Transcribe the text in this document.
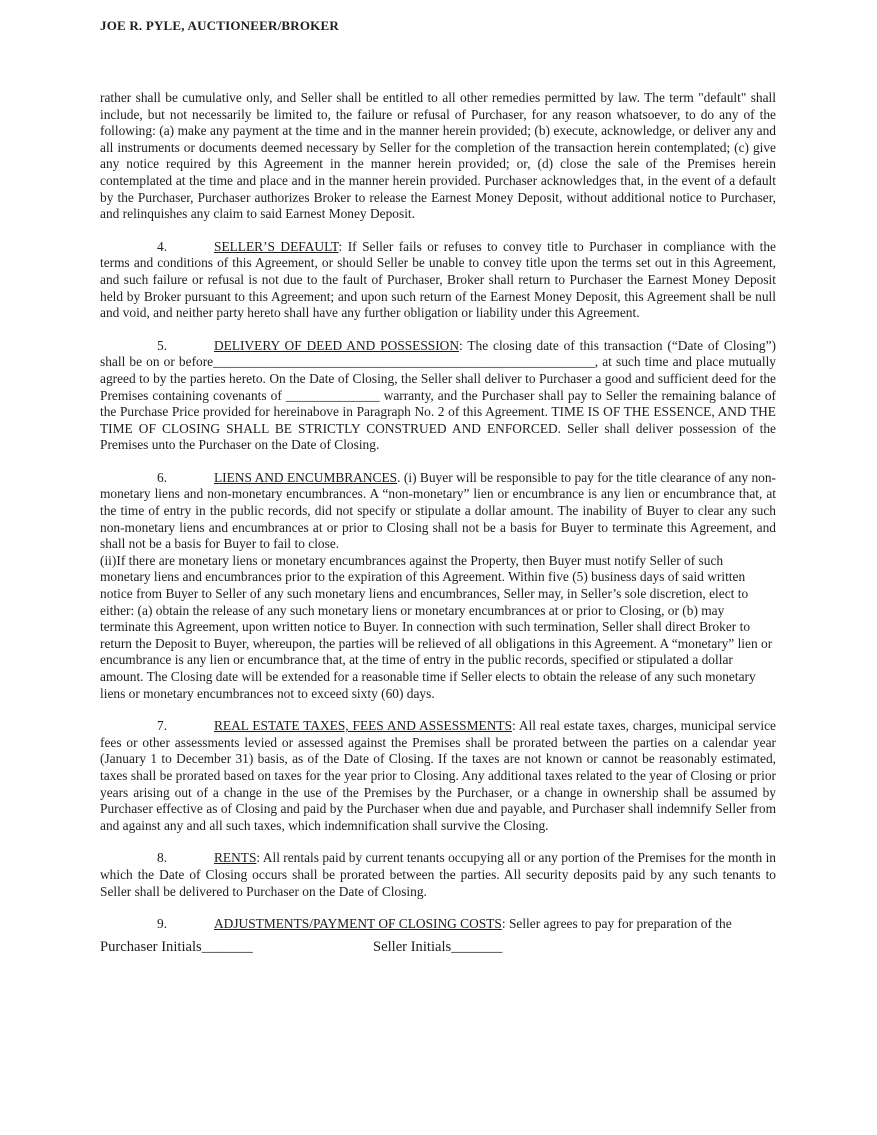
JOE R. PYLE, AUCTIONEER/BROKER

rather shall be cumulative only, and Seller shall be entitled to all other remedies permitted by law. The term "default" shall include, but not necessarily be limited to, the failure or refusal of Purchaser, for any reason whatsoever, to do any of the following: (a) make any payment at the time and in the manner herein provided; (b) execute, acknowledge, or deliver any and all instruments or documents deemed necessary by Seller for the completion of the transaction herein contemplated; (c) give any notice required by this Agreement in the manner herein provided; or, (d) close the sale of the Premises herein contemplated at the time and place and in the manner herein provided. Purchaser acknowledges that, in the event of a default by the Purchaser, Purchaser authorizes Broker to release the Earnest Money Deposit, without additional notice to Purchaser, and relinquishes any claim to said Earnest Money Deposit.

4.	SELLER’S DEFAULT: If Seller fails or refuses to convey title to Purchaser in compliance with the terms and conditions of this Agreement, or should Seller be unable to convey title upon the terms set out in this Agreement, and such failure or refusal is not due to the fault of Purchaser, Broker shall return to Purchaser the Earnest Money Deposit held by Broker pursuant to this Agreement; and upon such return of the Earnest Money Deposit, this Agreement shall be null and void, and neither party hereto shall have any further obligation or liability under this Agreement.

5.	DELIVERY OF DEED AND POSSESSION: The closing date of this transaction (“Date of Closing”) shall be on or before_________________________________________________________, at such time and place mutually agreed to by the parties hereto. On the Date of Closing, the Seller shall deliver to Purchaser a good and sufficient deed for the Premises containing covenants of ______________ warranty, and the Purchaser shall pay to Seller the remaining balance of the Purchase Price provided for hereinabove in Paragraph No. 2 of this Agreement. TIME IS OF THE ESSENCE, AND THE TIME OF CLOSING SHALL BE STRICTLY CONSTRUED AND ENFORCED. Seller shall deliver possession of the Premises unto the Purchaser on the Date of Closing.

6.	LIENS AND ENCUMBRANCES. (i) Buyer will be responsible to pay for the title clearance of any non-monetary liens and non-monetary encumbrances. A “non-monetary” lien or encumbrance is any lien or encumbrance that, at the time of entry in the public records, did not specify or stipulate a dollar amount. The inability of Buyer to clear any such non-monetary liens and encumbrances at or prior to Closing shall not be a basis for Buyer to terminate this Agreement, and shall not be a basis for Buyer to fail to close.

(ii)If there are monetary liens or monetary encumbrances against the Property, then Buyer must notify Seller of such monetary liens and encumbrances prior to the expiration of this Agreement. Within five (5) business days of said written notice from Buyer to Seller of any such monetary liens and encumbrances, Seller may, in Seller’s sole discretion, elect to either: (a) obtain the release of any such monetary liens or monetary encumbrances at or prior to Closing, or (b) may terminate this Agreement, upon written notice to Buyer. In connection with such termination, Seller shall direct Broker to return the Deposit to Buyer, whereupon, the parties will be relieved of all obligations in this Agreement. A “monetary” lien or encumbrance is any lien or encumbrance that, at the time of entry in the public records, specified or stipulated a dollar amount. The Closing date will be extended for a reasonable time if Seller elects to obtain the release of any such monetary liens or monetary encumbrances not to exceed sixty (60) days.

7.	REAL ESTATE TAXES, FEES AND ASSESSMENTS: All real estate taxes, charges, municipal service fees or other assessments levied or assessed against the Premises shall be prorated between the parties on a calendar year (January 1 to December 31) basis, as of the Date of Closing. If the taxes are not known or cannot be reasonably estimated, taxes shall be prorated based on taxes for the year prior to Closing. Any additional taxes related to the year of Closing or prior years arising out of a change in the use of the Premises by the Purchaser, or a change in ownership shall be assumed by Purchaser effective as of Closing and paid by the Purchaser when due and payable, and Purchaser shall indemnify Seller from and against any and all such taxes, which indemnification shall survive the Closing.

8.	RENTS: All rentals paid by current tenants occupying all or any portion of the Premises for the month in which the Date of Closing occurs shall be prorated between the parties. All security deposits paid by any such tenants to Seller shall be delivered to Purchaser on the Date of Closing.

9.	ADJUSTMENTS/PAYMENT OF CLOSING COSTS: Seller agrees to pay for preparation of the

Purchaser Initials_______	Seller Initials_______
